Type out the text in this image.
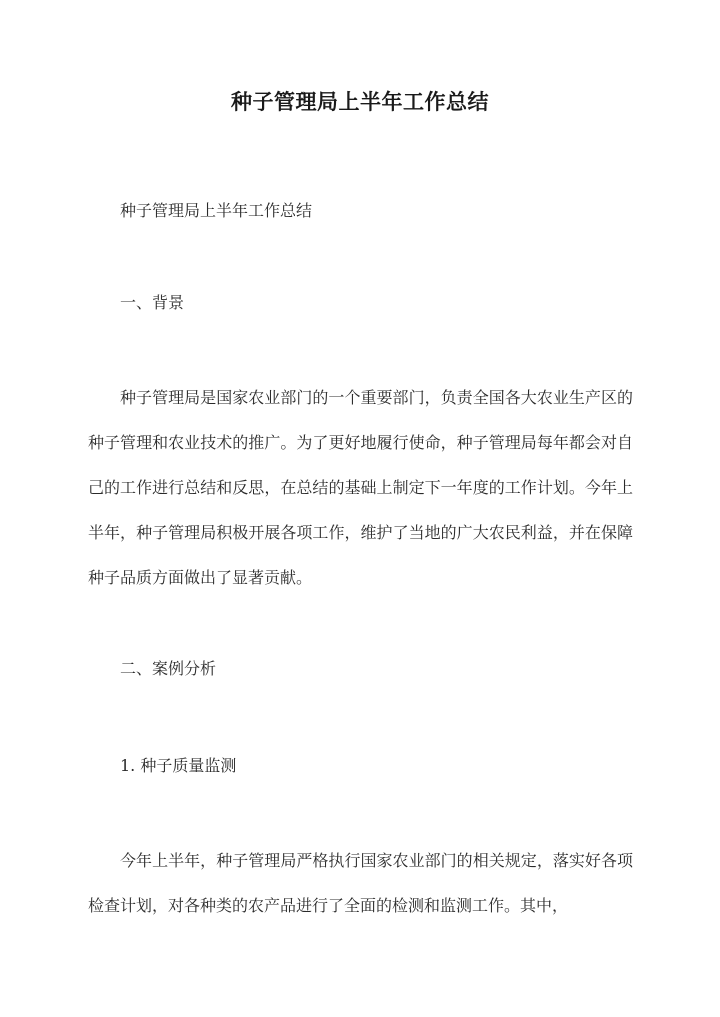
种子管理局上半年工作总结
种子管理局上半年工作总结
一、背景
种子管理局是国家农业部门的一个重要部门，负责全国各大农业生产区的种子管理和农业技术的推广。为了更好地履行使命，种子管理局每年都会对自己的工作进行总结和反思，在总结的基础上制定下一年度的工作计划。今年上半年，种子管理局积极开展各项工作，维护了当地的广大农民利益，并在保障种子品质方面做出了显著贡献。
二、案例分析
1. 种子质量监测
今年上半年，种子管理局严格执行国家农业部门的相关规定，落实好各项检查计划，对各种类的农产品进行了全面的检测和监测工作。其中，
